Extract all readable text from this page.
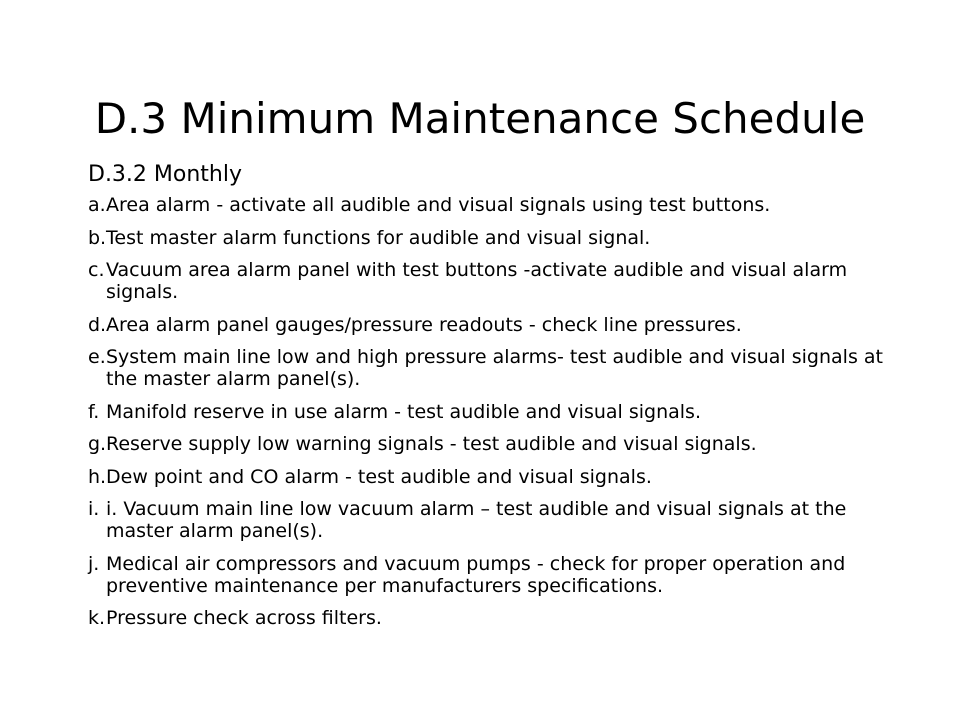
D.3 Minimum Maintenance Schedule
D.3.2 Monthly
a. Area alarm - activate all audible and visual signals using test buttons.
b. Test master alarm functions for audible and visual signal.
c. Vacuum area alarm panel with test buttons -activate audible and visual alarm signals.
d. Area alarm panel gauges/pressure readouts - check line pressures.
e. System main line low and high pressure alarms- test audible and visual signals at the master alarm panel(s).
f. Manifold reserve in use alarm - test audible and visual signals.
g. Reserve supply low warning signals - test audible and visual signals.
h. Dew point and CO alarm - test audible and visual signals.
i. i. Vacuum main line low vacuum alarm – test audible and visual signals at the master alarm panel(s).
j. Medical air compressors and vacuum pumps - check for proper operation and preventive maintenance per manufacturers specifications.
k. Pressure check across filters.
